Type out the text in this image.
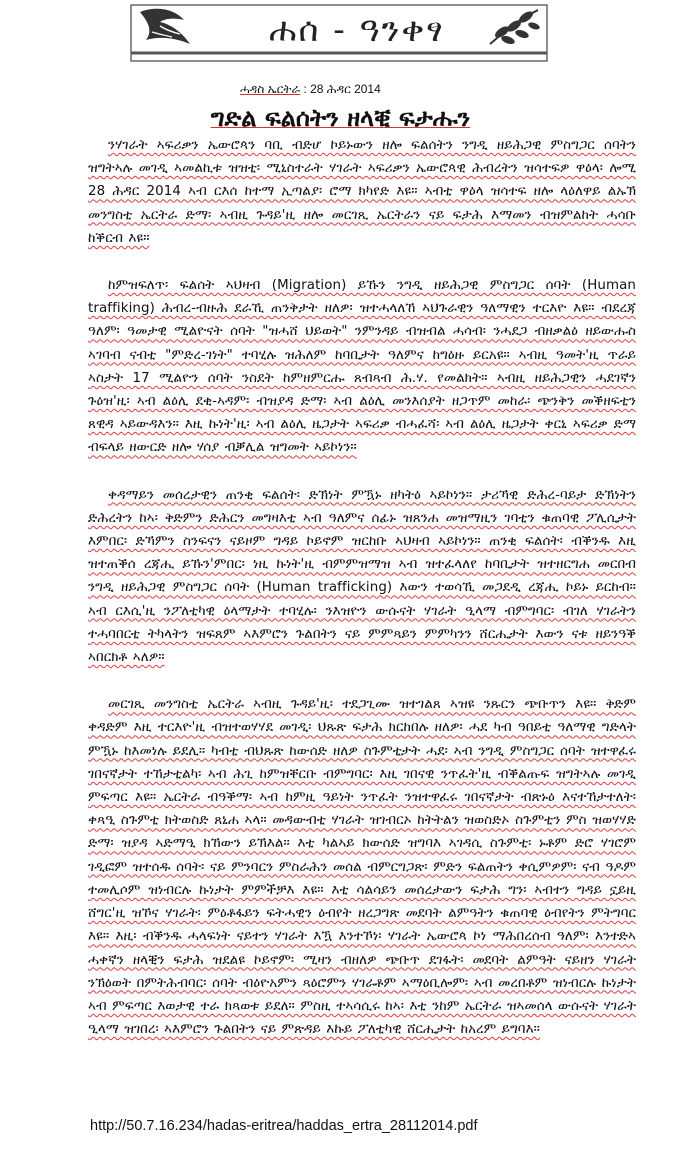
ሐሰ - ዓንቀፃ
ሓዳስ ኤርትራ : 28 ሕዳር 2014
ግድል ፍልሰትን ዘላቒ ፍታሑን

ንሃገራት ኣፍሪቃን ኤውሮጳን ባቢ ብድሆ ኮይኑውን ዘሎ ፍልሰትን ንግዲ ዘይሕጋዊ ምስግጋር ሰባትን ዝግትኣሉ መገዲ ኣመልኪቱ ዝዝቲ፡ ሚኒስተራት ሃገራት ኣፍሪቃን ኤውሮጳዊ ሕብረትን ዝሳተፍዎ ዋዕላ፡ ሎሚ 28 ሕዳር 2014 ኣብ ርእሰ ከተማ ኢጣልያ፡ ሮማ ክካየድ እዩ። ኣብቲ ዋዕላ ዝሳተፍ ዘሎ ላዕለዋይ ልኡኽ መንግስቲ ኤርትራ ድማ፡ ኣብዚ ጉዳይ'ዚ ዘሎ መርገጺ ኤርትራን ናይ ፍታሕ እማመን ብዝምልከት ሓሳቡ ከቕርብ እዩ።

ከምዝፍለጥ፡ ፍልሰት ኣህዛብ (Migration) ይኹን ንግዲ ዘይሕጋዊ ምስግጋር ሰባት (Human traffiking) ሕብረ-ብዙሕ ደራኺ ጠንቅታት ዘለዎ፡ ዝተሓላለኸ ኣህጉራዊን ዓለማዊን ተርእዮ እዩ። ብደረጃ ዓለም፡ ዓመታዊ ሚልዮናት ሰባት "ዝሓሸ ህይወት" ንምንዳይ ብዝብል ሓሳብ፡ ንሓደጋ ብዘቃልዕ ዘይውሑስ ኣገባብ ናብቲ "ምድረ-ገነት" ተባሂሉ ዝሕለም ከባቢታት ዓለምና ከግዕዙ ይርአዩ። ኣብዚ ዓመት'ዚ ጥራይ ኣስታት 17 ሚልዮን ሰባት ንስደት ከምዘምርሑ ጸብጻብ ሕ.ሃ. የመልክት። ኣብዚ ዘይሕጋዊን ሓደገኛን ጉዕዝ'ዚ፡ ኣብ ልዕሊ ደቂ-ኣዳም፡ ብዝያዳ ድማ፡ ኣብ ልዕሊ መንእሰያት ዘጋጥም መከራ፡ ጭንቅን መቕዘፍቲን ጸዊዳ ኣይውዳእን። እዚ ኩነት'ዚ፡ ኣብ ልዕሊ ዜጋታት ኣፍሪቃ ብሓፈሻ፡ ኣብ ልዕሊ ዜጋታት ቀርኒ ኣፍሪቃ ድማ ብፍላይ ዘውርድ ዘሎ ሃሰያ ብቓሊል ዝግመት ኣይኮነን።

ቀዳማይን መሰረታዊን ጠንቂ ፍልሰት፡ ድኽነት ምዃኑ ዘካትዕ ኣይኮነን። ታሪኻዊ ድሕረ-ባይታ ድኽነትን ድሕረትን ከኣ፡ ቅድምን ድሕርን መግዛእቲ ኣብ ዓለምና ሰፊኑ ዝጸንሐ መዝማዚን ገባቲን ቁጠባዊ ፖሊሲታት እምበር፡ ድኻምን ስንፍናን ናይዞም ግዳይ ኮይኖም ዝርከቡ ኣህዛብ ኣይኮነን። ጠንቂ ፍልሰት፡ ብቕንዱ እዚ ዝተጠቕሰ ረጃሒ ይኹን'ምበር፡ ነዚ ኩነት'ዚ ብምምዝማዝ ኣብ ዝተፈላለየ ከባቢታት ዝተዘርግሐ መርበብ ንግዲ ዘይሕጋዊ ምስግጋር ሰባት (Human trafficking) እውን ተወሳኺ መጋደዲ ረጃሒ ኮይኑ ይርከብ። ኣብ ርእሲ'ዚ ንፖለቲካዊ ዕላማታት ተባሂሉ፡ ንእዝዮን ውሱናት ሃገራት ዒላማ ብምግባር፡ ብገለ ሃገራትን ተሓባበርቲ ትካላትን ዝፍጸም ኣእምሮን ጉልበትን ናይ ምምጻይን ምምካንን ሸርሒታት እውን ናቱ ዘይንዓቕ ኣበርክቶ ኣለዎ።

መርገጺ መንግስቲ ኤርትራ ኣብዚ ጉዳይ'ዚ፡ ተደጋጊሙ ዝተገልጸ ኣዝዩ ንጹርን ጭቡጥን እዩ። ቅድም ቀዳድም እዚ ተርእዮ'ዚ ብዝተወሃሃደ መገዲ፡ ህጹጽ ፍታሕ ክርከበሉ ዘለዎ፡ ሓደ ካብ ዓበይቲ ዓለማዊ ግድላት ምዃኑ ከእመነሉ ይደሊ። ካብቲ ብህጹጽ ከውሰድ ዘለዎ ስጉምቲታት ሓደ፡ ኣብ ንግዲ ምስግጋር ሰባት ዝተዋፈሩ ገበናኛታት ተኸታቲልካ፡ ኣብ ሕጊ ከምዝቐርቡ ብምግባር፡ እዚ ገበናዊ ንጥፈት'ዚ ብቕልጡፍ ዝግትኣሉ መገዲ ምፍጣር እዩ። ኤርትራ ብዓቕማ፡ ኣብ ከምዚ ዓይነት ንጥፈት ንዝተዋፈሩ ገበናኛታት ብጽኑዕ እናተኸታተለት፡ ቀጻዒ ስጉምቲ ክትወስድ ጸኒሐ ኣላ። መዳውብቲ ሃገራት ዝገብርኦ ከትትልን ዝወስድኦ ስጉምቲን ምስ ዝወሃሃድ ድማ፡ ዝያዳ ኣድማዒ ክኸውን ይኽእል። እቲ ካልኣይ ክውሰድ ዝግባእ ኣገዳሲ ስጉምቲ፡ ኑቶም ድሮ ሃገሮም ገዲፎም ዝተሰዱ ሰባት፡ ናይ ምንባርን ምስራሕን መሰል ብምርግጋጽ፡ ምድን ፍልጠትን ቀሲምዎም፡ ናብ ዓዶም ተመሊሶም ዝነብርሉ ኩነታት ምምችቻእ እዩ። እቲ ሳልሳይን መሰረታውን ፍታሕ ግን፡ ኣብተን ግዳይ ኗይዚ ሸግር'ዚ ዝኾና ሃገራት፡ ምዕቶፋይን ፍትሓዊን ዕብየት ዘረጋግጽ መደባት ልምዓትን ቁጠባዊ ዕብየትን ምትግባር እዩ። እዚ፡ ብቕንዱ ሓላፍነት ናይተን ሃገራት እዃ እንተኾነ፡ ሃገራት ኤውሮጳ ኮነ ማሕበረሰብ ዓለም፡ እንተድኣ ሓቀኛን ዘላቒን ፍታሕ ዝደልዩ ኮይኖም፡ ሚዛን ብዘለዎ ጭቡጥ ደገፋት፡ መደባት ልምዓት ናይዘን ሃገራት ንኽዕወት በምትሕብባር፡ ሰባት ብዕዮአምን ጻዕሮምን ሃገራቶም ኣማዕቢሎም፡ ኣብ መረበቶም ዝነብርሉ ኩነታት ኣብ ምፍጣር እወታዊ ተራ ክጻወቱ ይደለ። ምስዚ ተኣሳሲሩ ከኣ፡ እቲ ንከም ኤርትራ ዝኣመሰላ ውሱናት ሃገራት ዒላማ ዝገበረ፡ ኣእምሮን ጉልበትን ናይ ምጽዳይ እኩይ ፖለቲካዊ ሸርሒታት ከአረም ይግባእ።

http://50.7.16.234/hadas-eritrea/haddas_ertra_28112014.pdf
